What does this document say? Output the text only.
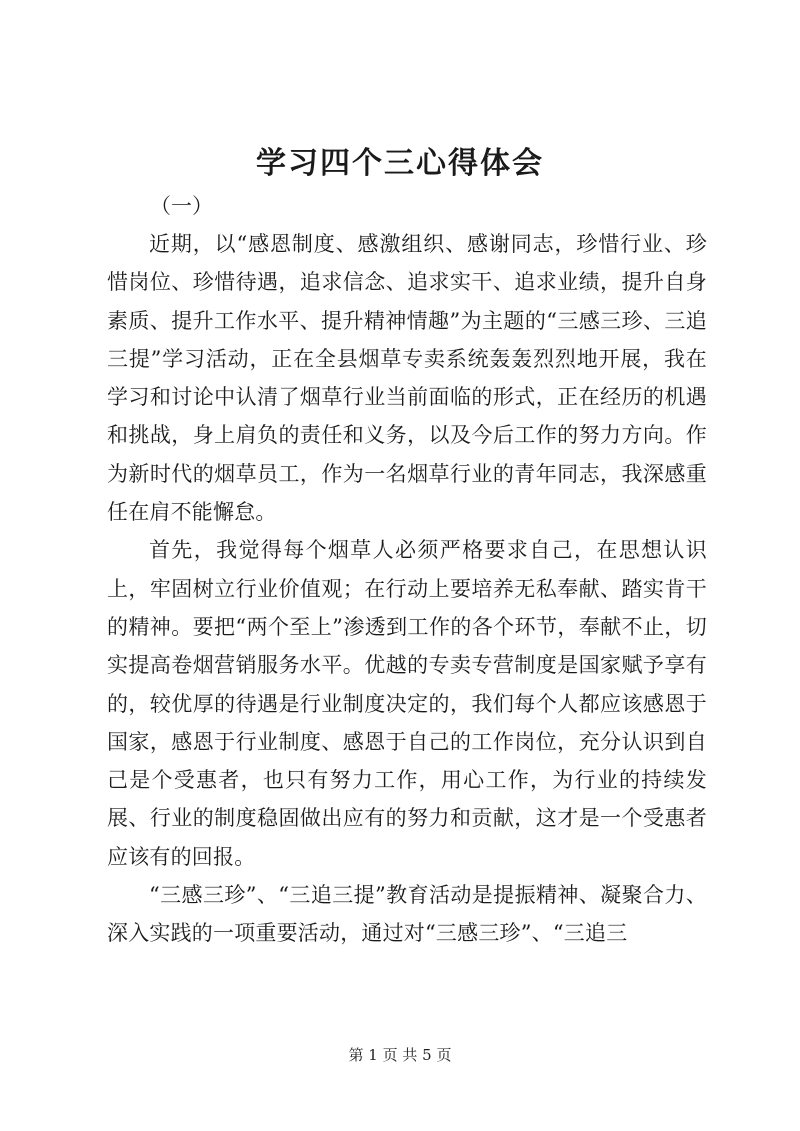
学习四个三心得体会

（一）

近期，以“感恩制度、感激组织、感谢同志，珍惜行业、珍惜岗位、珍惜待遇，追求信念、追求实干、追求业绩，提升自身素质、提升工作水平、提升精神情趣”为主题的“三感三珍、三追三提”学习活动，正在全县烟草专卖系统轰轰烈烈地开展，我在学习和讨论中认清了烟草行业当前面临的形式，正在经历的机遇和挑战，身上肩负的责任和义务，以及今后工作的努力方向。作为新时代的烟草员工，作为一名烟草行业的青年同志，我深感重任在肩不能懈怠。

首先，我觉得每个烟草人必须严格要求自己，在思想认识上，牢固树立行业价值观；在行动上要培养无私奉献、踏实肯干的精神。要把“两个至上”渗透到工作的各个环节，奉献不止，切实提高卷烟营销服务水平。优越的专卖专营制度是国家赋予享有的，较优厚的待遇是行业制度决定的，我们每个人都应该感恩于国家，感恩于行业制度、感恩于自己的工作岗位，充分认识到自己是个受惠者，也只有努力工作，用心工作，为行业的持续发展、行业的制度稳固做出应有的努力和贡献，这才是一个受惠者应该有的回报。

“三感三珍”、“三追三提”教育活动是提振精神、凝聚合力、深入实践的一项重要活动，通过对“三感三珍”、“三追三

第 1 页 共 5 页
